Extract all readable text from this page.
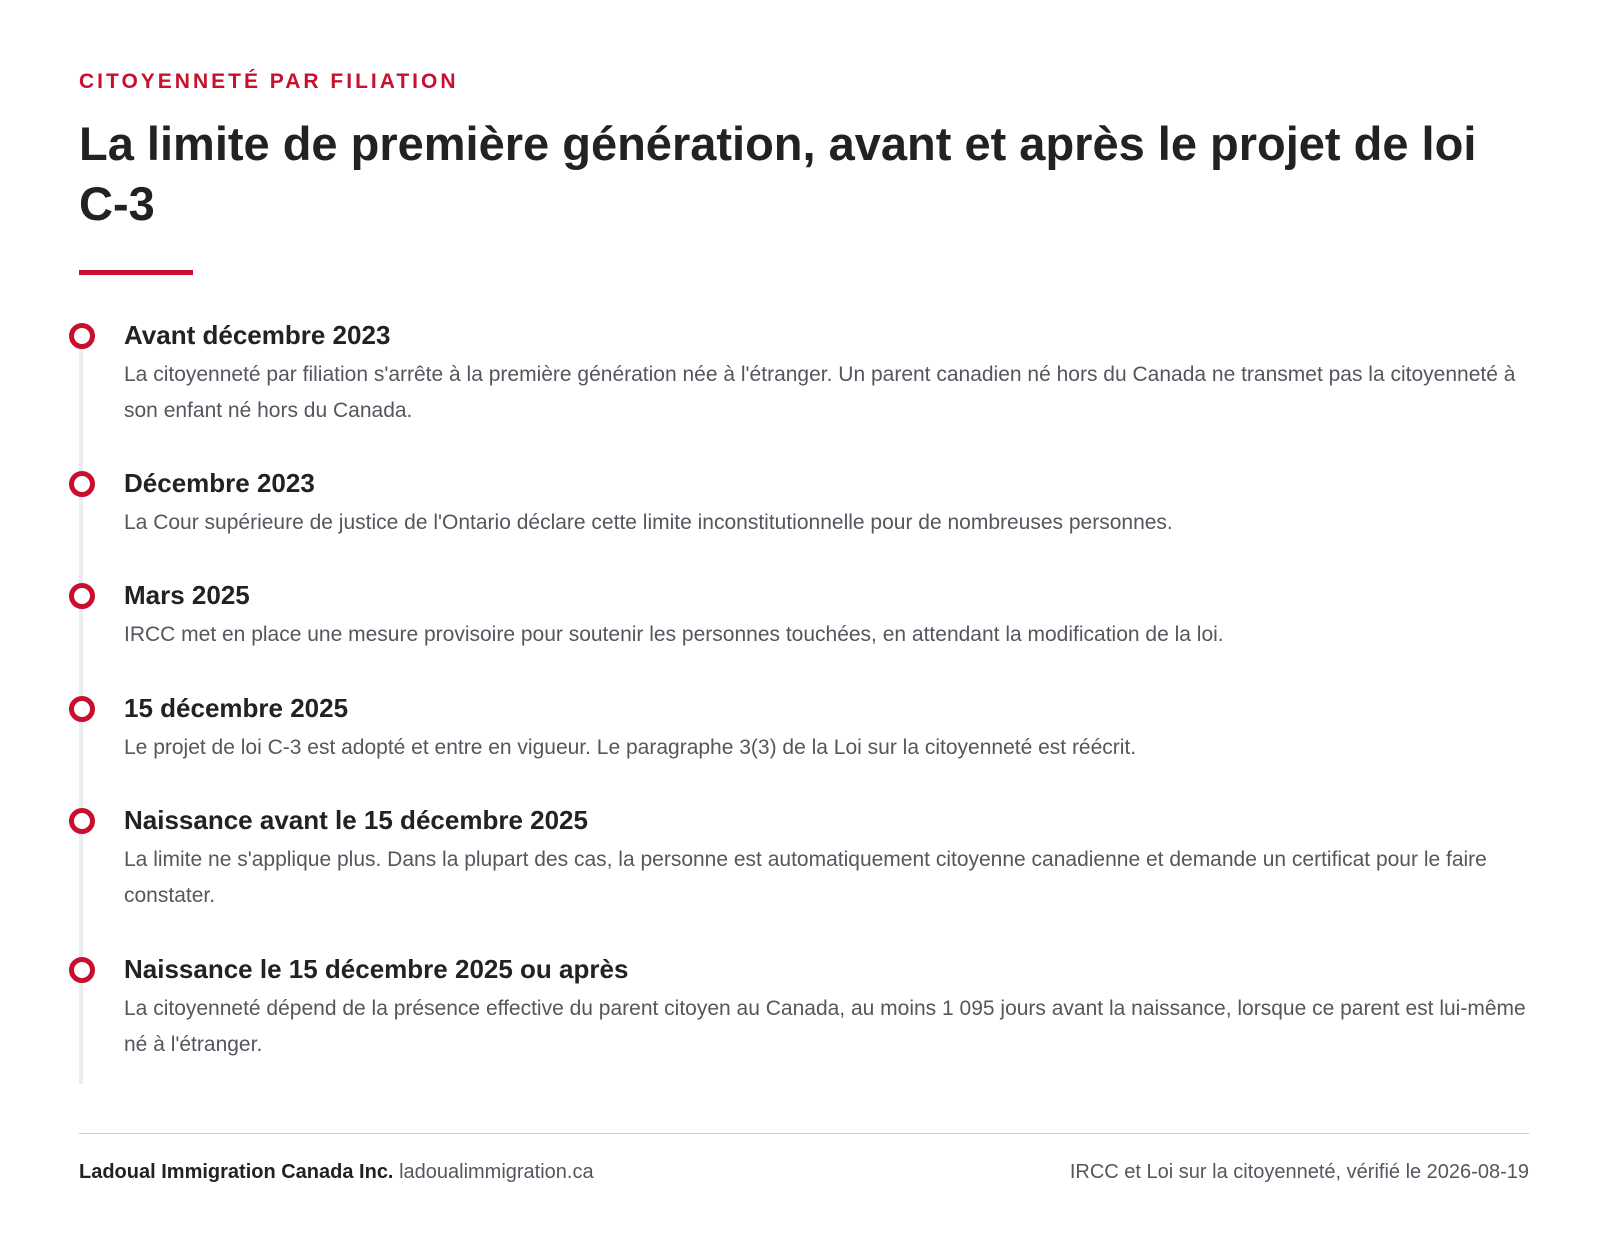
CITOYENNETÉ PAR FILIATION
La limite de première génération, avant et après le projet de loi C-3
Avant décembre 2023

La citoyenneté par filiation s'arrête à la première génération née à l'étranger. Un parent canadien né hors du Canada ne transmet pas la citoyenneté à son enfant né hors du Canada.

Décembre 2023

La Cour supérieure de justice de l'Ontario déclare cette limite inconstitutionnelle pour de nombreuses personnes.

Mars 2025

IRCC met en place une mesure provisoire pour soutenir les personnes touchées, en attendant la modification de la loi.

15 décembre 2025

Le projet de loi C-3 est adopté et entre en vigueur. Le paragraphe 3(3) de la Loi sur la citoyenneté est réécrit.

Naissance avant le 15 décembre 2025

La limite ne s'applique plus. Dans la plupart des cas, la personne est automatiquement citoyenne canadienne et demande un certificat pour le faire constater.

Naissance le 15 décembre 2025 ou après

La citoyenneté dépend de la présence effective du parent citoyen au Canada, au moins 1 095 jours avant la naissance, lorsque ce parent est lui-même né à l'étranger.

Ladoual Immigration Canada Inc. ladoualimmigration.ca	IRCC et Loi sur la citoyenneté, vérifié le 2026-08-19
